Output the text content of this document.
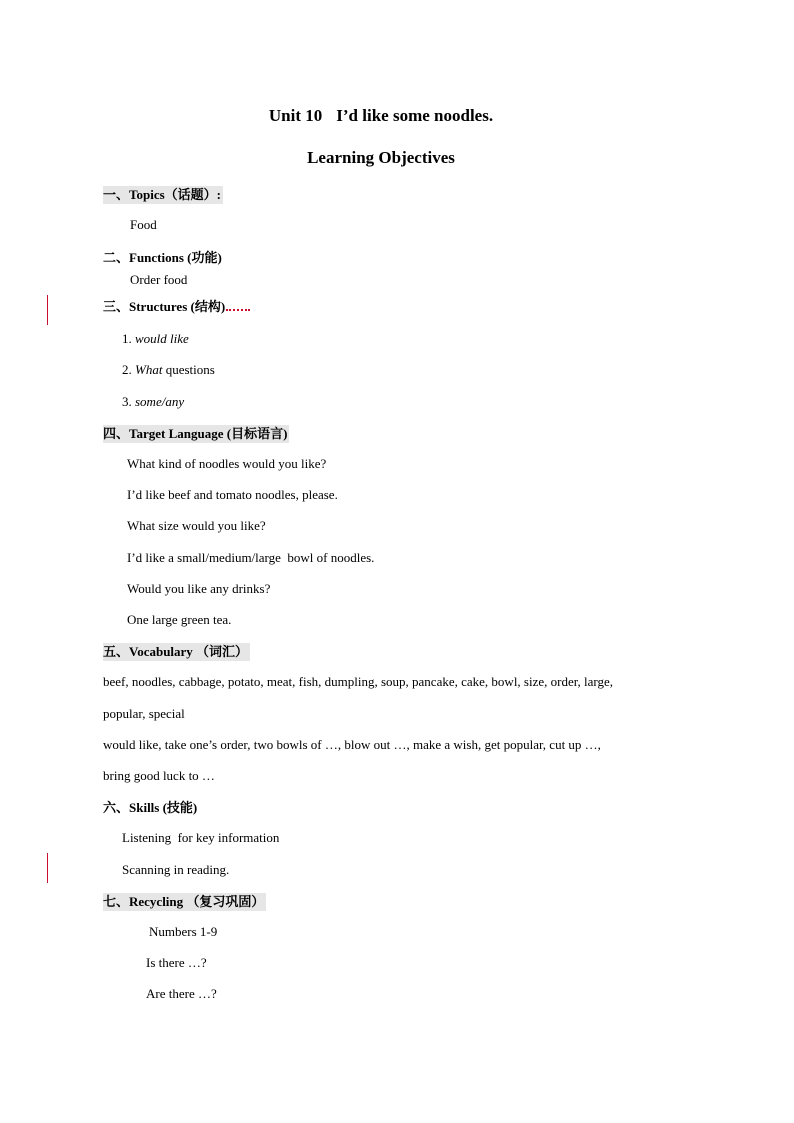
Unit 10 I’d like some noodles.
Learning Objectives
一、Topics（话题）:
Food
二、Functions (功能)
Order food
三、Structures (结构)
1. would like
2. What questions
3. some/any
四、Target Language (目标语言)
What kind of noodles would you like?
I’d like beef and tomato noodles, please.
What size would you like?
I’d like a small/medium/large  bowl of noodles.
Would you like any drinks?
One large green tea.
五、Vocabulary （词汇）
beef, noodles, cabbage, potato, meat, fish, dumpling, soup, pancake, cake, bowl, size, order, large,
popular, special
would like, take one’s order, two bowls of …, blow out …, make a wish, get popular, cut up …,
bring good luck to …
六、Skills (技能)
Listening  for key information
Scanning in reading.
七、Recycling （复习巩固）
Numbers 1-9
Is there …?
Are there …?
